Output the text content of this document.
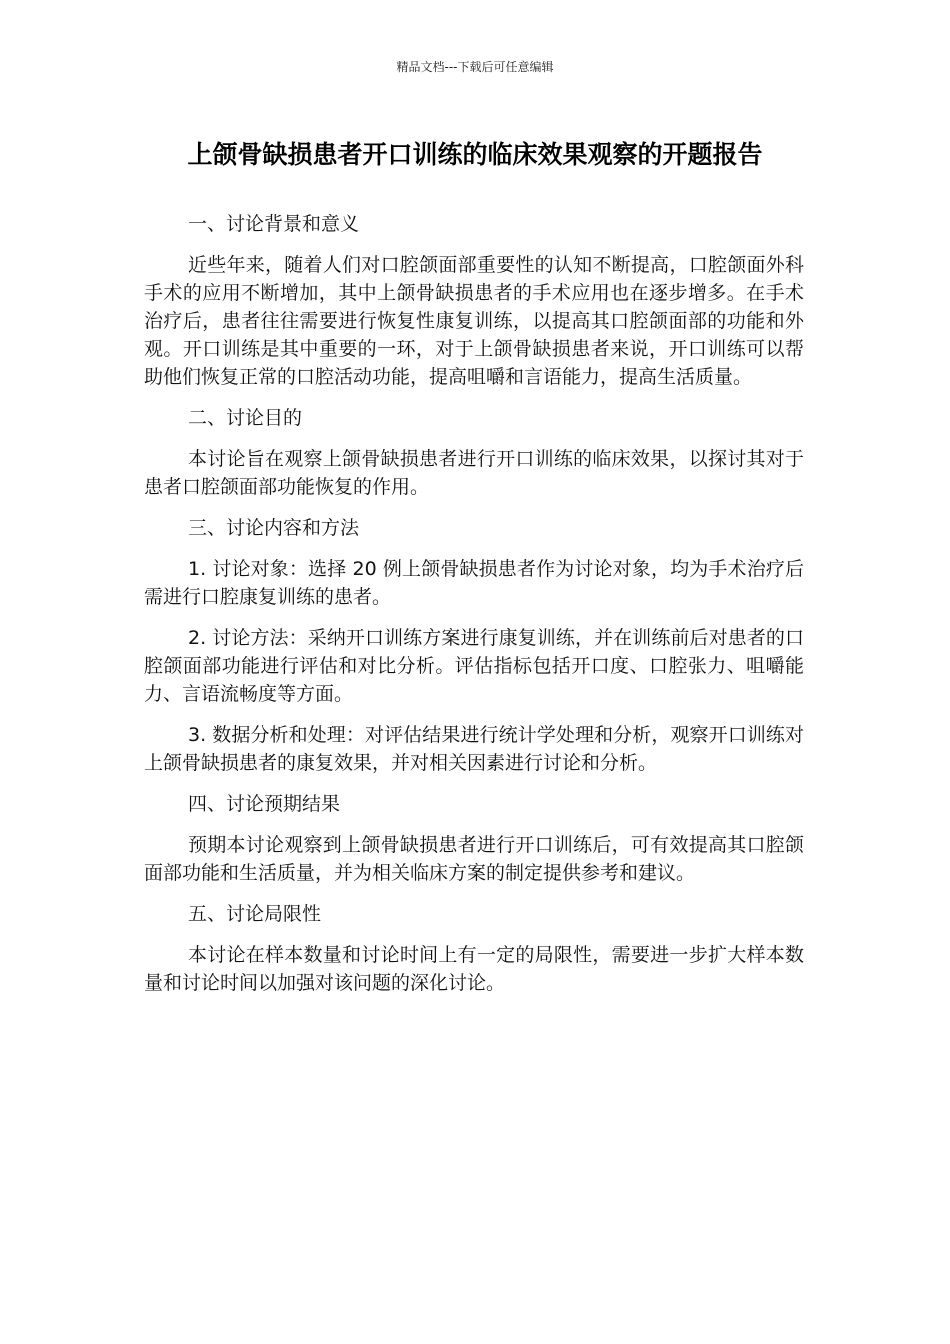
精品文档---下载后可任意编辑
上颌骨缺损患者开口训练的临床效果观察的开题报告

一、讨论背景和意义

近些年来，随着人们对口腔颌面部重要性的认知不断提高，口腔颌面外科手术的应用不断增加，其中上颌骨缺损患者的手术应用也在逐步增多。在手术治疗后，患者往往需要进行恢复性康复训练，以提高其口腔颌面部的功能和外观。开口训练是其中重要的一环，对于上颌骨缺损患者来说，开口训练可以帮助他们恢复正常的口腔活动功能，提高咀嚼和言语能力，提高生活质量。

二、讨论目的

本讨论旨在观察上颌骨缺损患者进行开口训练的临床效果，以探讨其对于患者口腔颌面部功能恢复的作用。

三、讨论内容和方法

1. 讨论对象：选择 20 例上颌骨缺损患者作为讨论对象，均为手术治疗后需进行口腔康复训练的患者。

2. 讨论方法：采纳开口训练方案进行康复训练，并在训练前后对患者的口腔颌面部功能进行评估和对比分析。评估指标包括开口度、口腔张力、咀嚼能力、言语流畅度等方面。

3. 数据分析和处理：对评估结果进行统计学处理和分析，观察开口训练对上颌骨缺损患者的康复效果，并对相关因素进行讨论和分析。

四、讨论预期结果

预期本讨论观察到上颌骨缺损患者进行开口训练后，可有效提高其口腔颌面部功能和生活质量，并为相关临床方案的制定提供参考和建议。

五、讨论局限性

本讨论在样本数量和讨论时间上有一定的局限性，需要进一步扩大样本数量和讨论时间以加强对该问题的深化讨论。
